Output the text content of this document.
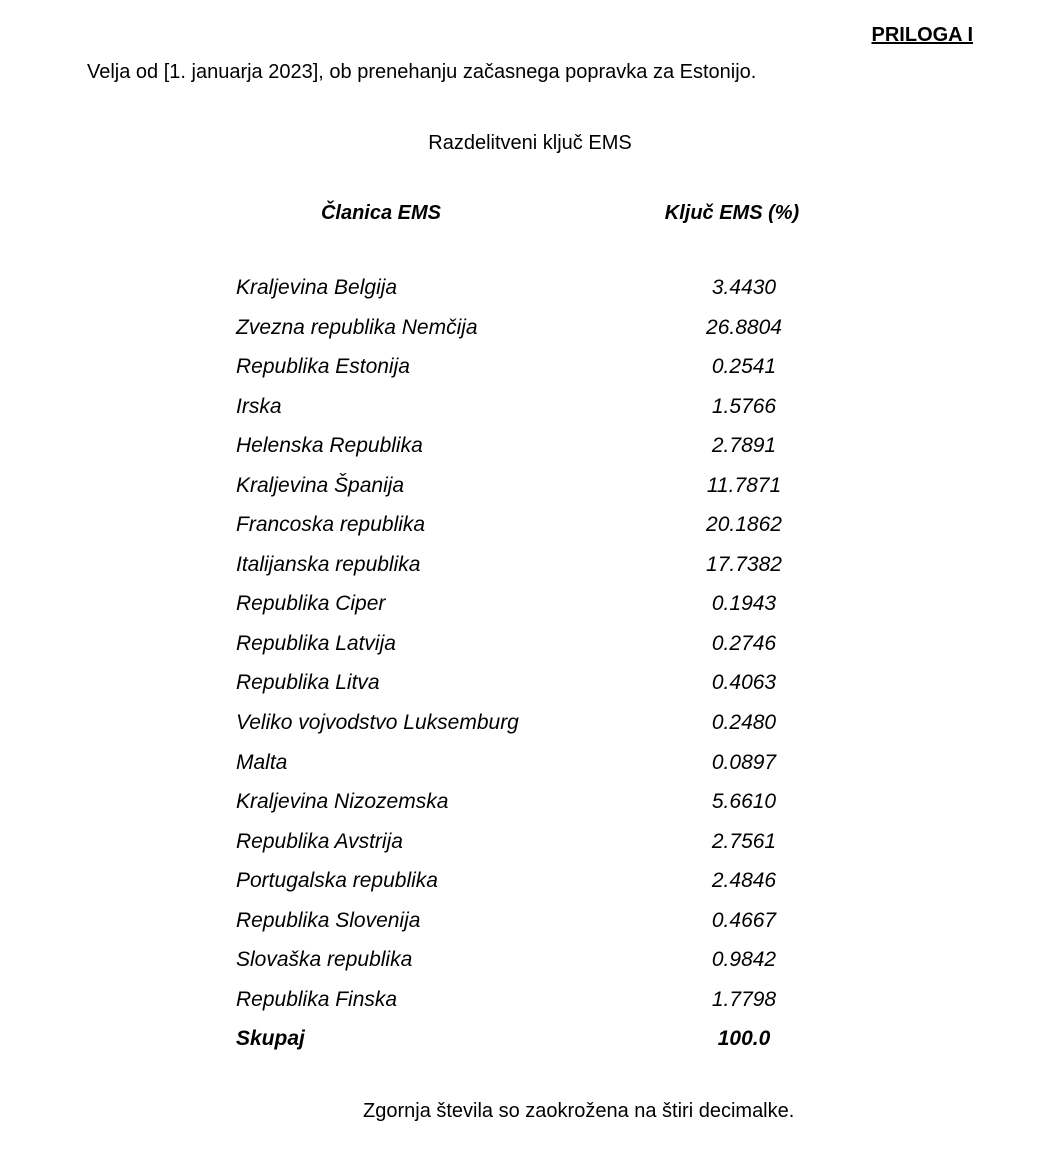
PRILOGA I
Velja od [1. januarja 2023], ob prenehanju začasnega popravka za Estonijo.
Razdelitveni ključ EMS
Članica EMS	Ključ EMS (%)
Kraljevina Belgija	3.4430
Zvezna republika Nemčija	26.8804
Republika Estonija	0.2541
Irska	1.5766
Helenska Republika	2.7891
Kraljevina Španija	11.7871
Francoska republika	20.1862
Italijanska republika	17.7382
Republika Ciper	0.1943
Republika Latvija	0.2746
Republika Litva	0.4063
Veliko vojvodstvo Luksemburg	0.2480
Malta	0.0897
Kraljevina Nizozemska	5.6610
Republika Avstrija	2.7561
Portugalska republika	2.4846
Republika Slovenija	0.4667
Slovaška republika	0.9842
Republika Finska	1.7798
Skupaj	100.0
Zgornja števila so zaokrožena na štiri decimalke.
